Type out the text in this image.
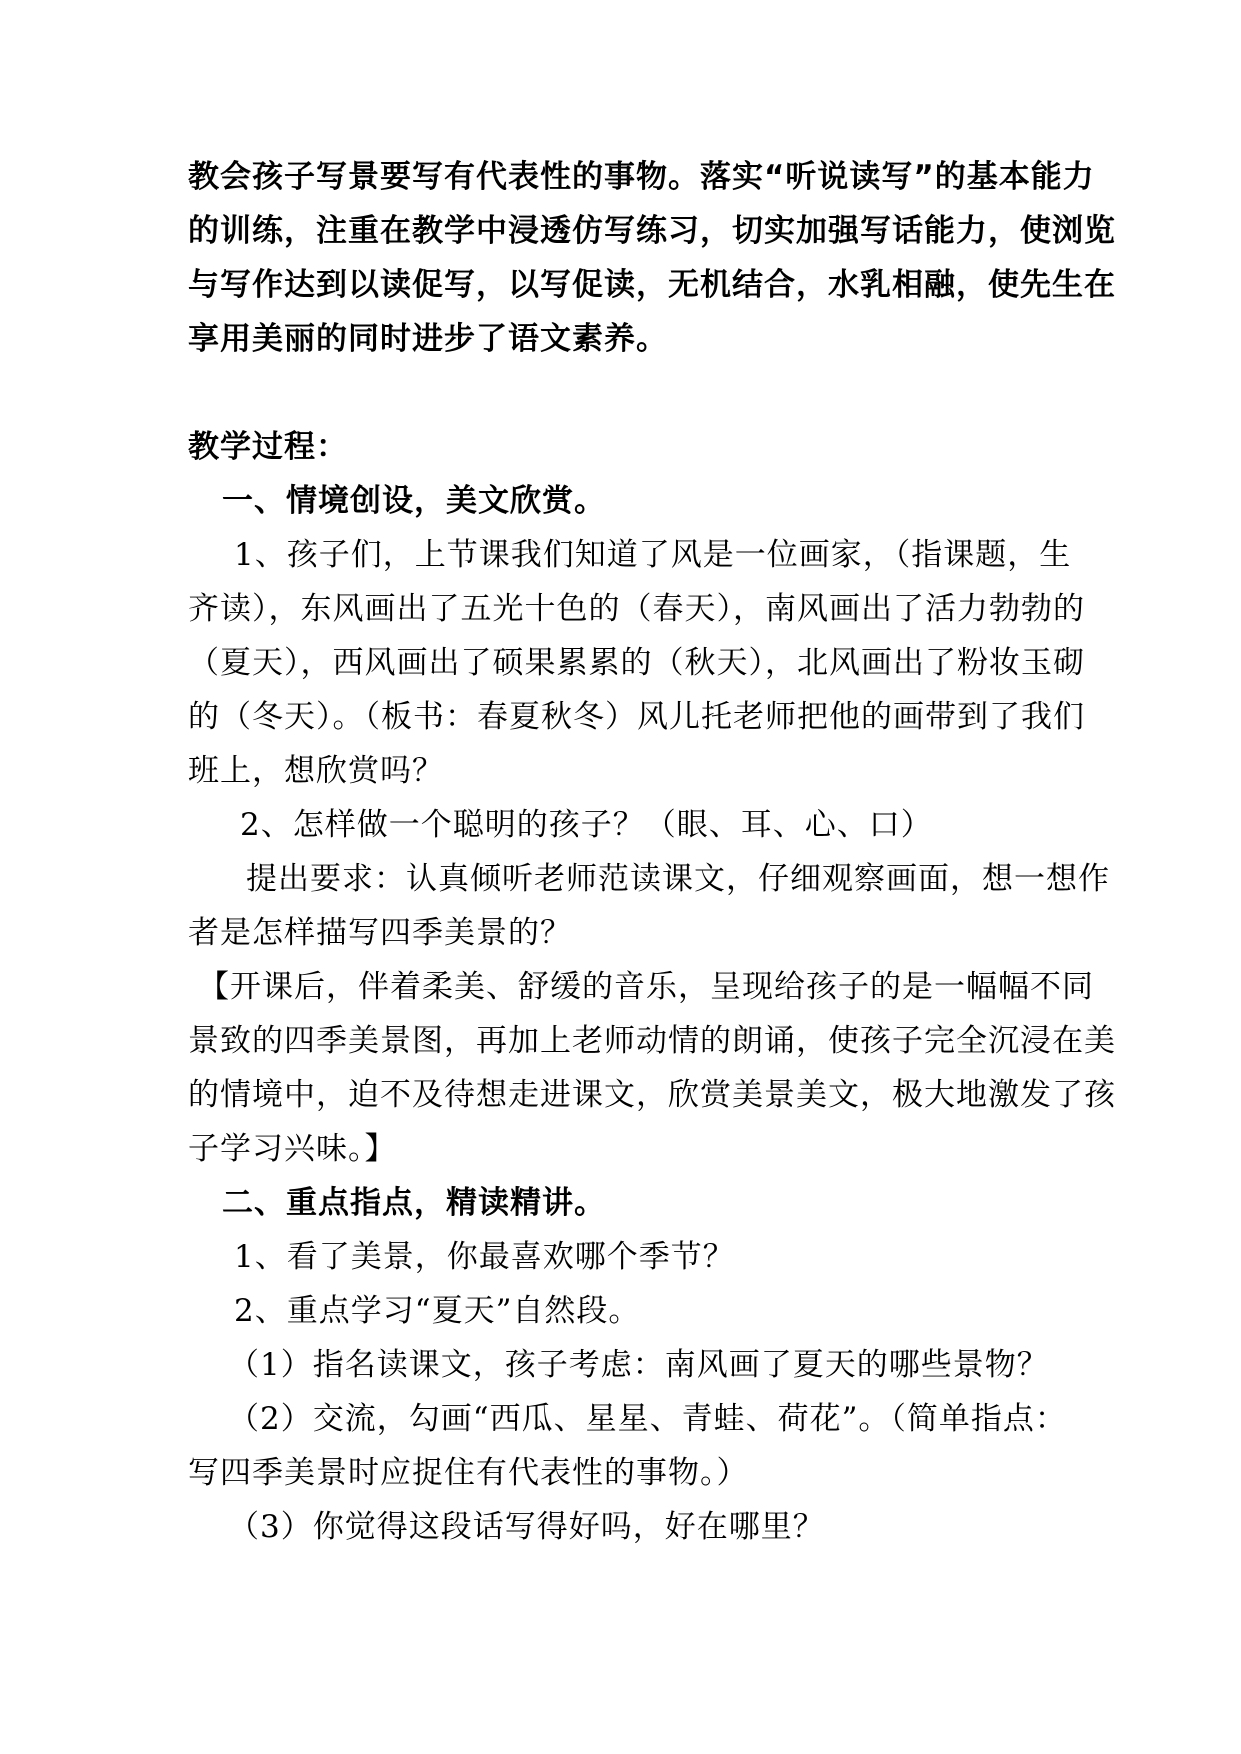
教会孩子写景要写有代表性的事物。落实“听说读写”的基本能力
的训练，注重在教学中浸透仿写练习，切实加强写话能力，使浏览
与写作达到以读促写，以写促读，无机结合，水乳相融，使先生在
享用美丽的同时进步了语文素养。
教学过程：
一、情境创设，美文欣赏。
1、孩子们，上节课我们知道了风是一位画家，（指课题，生
齐读），东风画出了五光十色的（春天），南风画出了活力勃勃的
（夏天），西风画出了硕果累累的（秋天），北风画出了粉妆玉砌
的（冬天）。（板书：春夏秋冬）风儿托老师把他的画带到了我们
班上，想欣赏吗？
2、怎样做一个聪明的孩子？（眼、耳、心、口）
提出要求：认真倾听老师范读课文，仔细观察画面，想一想作
者是怎样描写四季美景的？
【开课后，伴着柔美、舒缓的音乐，呈现给孩子的是一幅幅不同
景致的四季美景图，再加上老师动情的朗诵，使孩子完全沉浸在美
的情境中，迫不及待想走进课文，欣赏美景美文，极大地激发了孩
子学习兴味。】
二、重点指点，精读精讲。
1、看了美景，你最喜欢哪个季节？
2、重点学习“夏天”自然段。
（1）指名读课文，孩子考虑：南风画了夏天的哪些景物？
（2）交流，勾画“西瓜、星星、青蛙、荷花”。（简单指点：
写四季美景时应捉住有代表性的事物。）
（3）你觉得这段话写得好吗，好在哪里？
